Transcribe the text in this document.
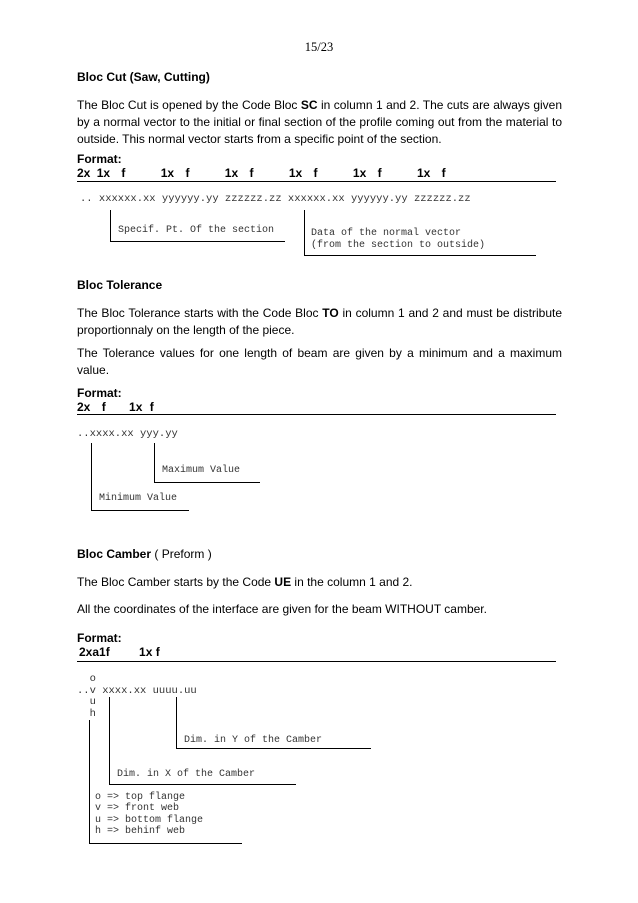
15/23
Bloc Cut (Saw, Cutting)
The Bloc Cut is opened by the Code Bloc SC in column 1 and 2. The cuts are always given by a normal vector to the initial or final section of the profile coming out from the material to outside. This normal vector starts from a specific point of the section.
Format:
2x 1x f	1x f	1x f	1x f	1x f	1x f
.. xxxxxx.xx yyyyyy.yy zzzzzz.zz xxxxxx.xx yyyyyy.yy zzzzzz.zz
Specif. Pt. Of the section	Data of the normal vector
(from the section to outside)
Bloc Tolerance
The Bloc Tolerance starts with the Code Bloc TO in column 1 and 2 and must be distribute proportionnaly on the length of the piece.
The Tolerance values for one length of beam are given by a minimum and a maximum value.
Format:
2x f 1x f
..xxxx.xx yyy.yy
Maximum Value
Minimum Value
Bloc Camber ( Preform )
The Bloc Camber starts by the Code UE in the column 1 and 2.
All the coordinates of the interface are given for the beam WITHOUT camber.
Format:
2xa1f 1x f
o
..v xxxx.xx uuuu.uu
u
h
Dim. in Y of the Camber
Dim. in X of the Camber
o => top flange
v => front web
u => bottom flange
h => behinf web
